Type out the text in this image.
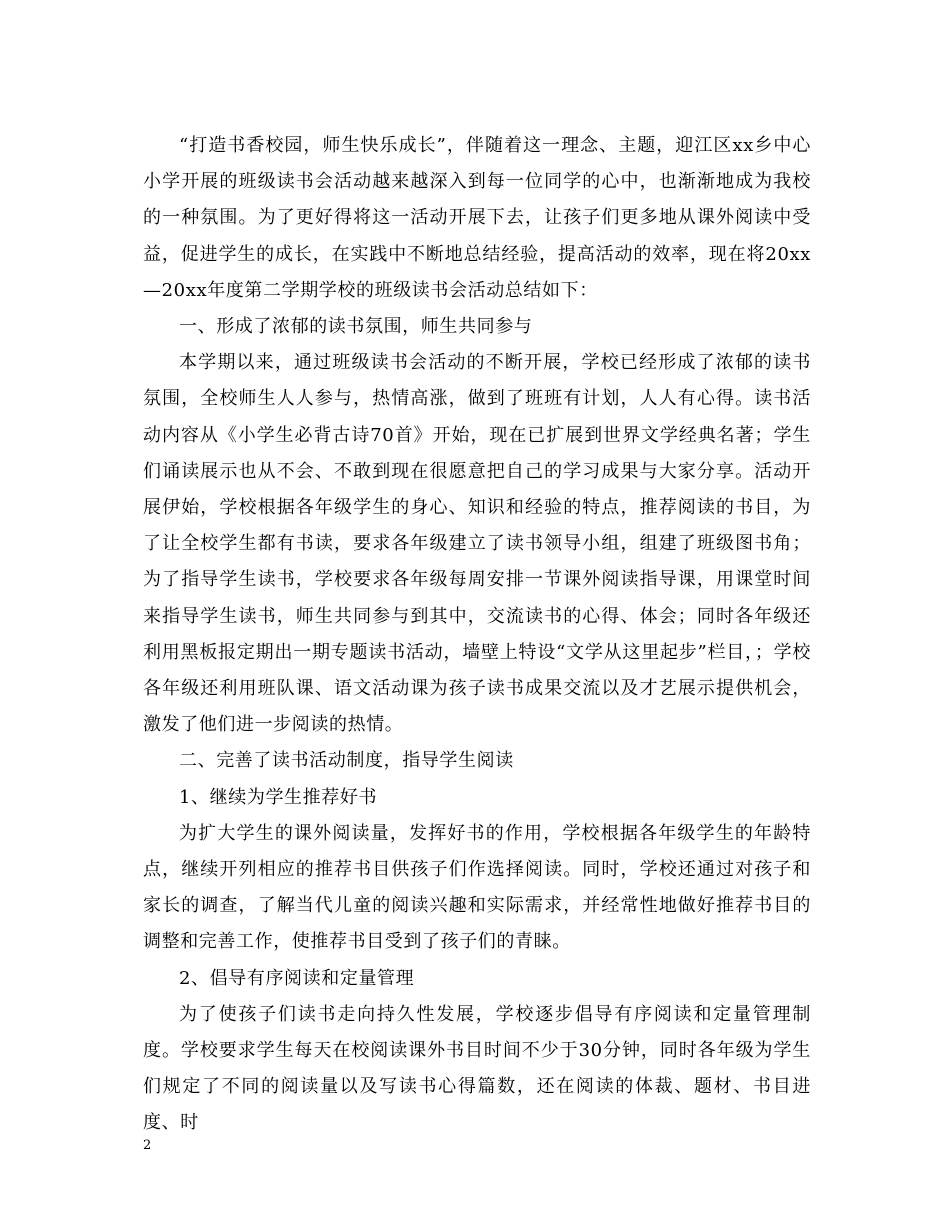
“打造书香校园，师生快乐成长”，伴随着这一理念、主题，迎江区xx乡中心小学开展的班级读书会活动越来越深入到每一位同学的心中，也渐渐地成为我校的一种氛围。为了更好得将这一活动开展下去，让孩子们更多地从课外阅读中受益，促进学生的成长，在实践中不断地总结经验，提高活动的效率，现在将20xx—20xx年度第二学期学校的班级读书会活动总结如下：

一、形成了浓郁的读书氛围，师生共同参与

本学期以来，通过班级读书会活动的不断开展，学校已经形成了浓郁的读书氛围，全校师生人人参与，热情高涨，做到了班班有计划，人人有心得。读书活动内容从《小学生必背古诗70首》开始，现在已扩展到世界文学经典名著；学生们诵读展示也从不会、不敢到现在很愿意把自己的学习成果与大家分享。活动开展伊始，学校根据各年级学生的身心、知识和经验的特点，推荐阅读的书目，为了让全校学生都有书读，要求各年级建立了读书领导小组，组建了班级图书角；为了指导学生读书，学校要求各年级每周安排一节课外阅读指导课，用课堂时间来指导学生读书，师生共同参与到其中，交流读书的心得、体会；同时各年级还利用黑板报定期出一期专题读书活动，墙壁上特设“文学从这里起步”栏目，；学校各年级还利用班队课、语文活动课为孩子读书成果交流以及才艺展示提供机会，激发了他们进一步阅读的热情。

二、完善了读书活动制度，指导学生阅读

1、继续为学生推荐好书

为扩大学生的课外阅读量，发挥好书的作用，学校根据各年级学生的年龄特点，继续开列相应的推荐书目供孩子们作选择阅读。同时，学校还通过对孩子和家长的调查，了解当代儿童的阅读兴趣和实际需求，并经常性地做好推荐书目的调整和完善工作，使推荐书目受到了孩子们的青睐。

2、倡导有序阅读和定量管理

为了使孩子们读书走向持久性发展，学校逐步倡导有序阅读和定量管理制度。学校要求学生每天在校阅读课外书目时间不少于30分钟，同时各年级为学生们规定了不同的阅读量以及写读书心得篇数，还在阅读的体裁、题材、书目进度、时

2
